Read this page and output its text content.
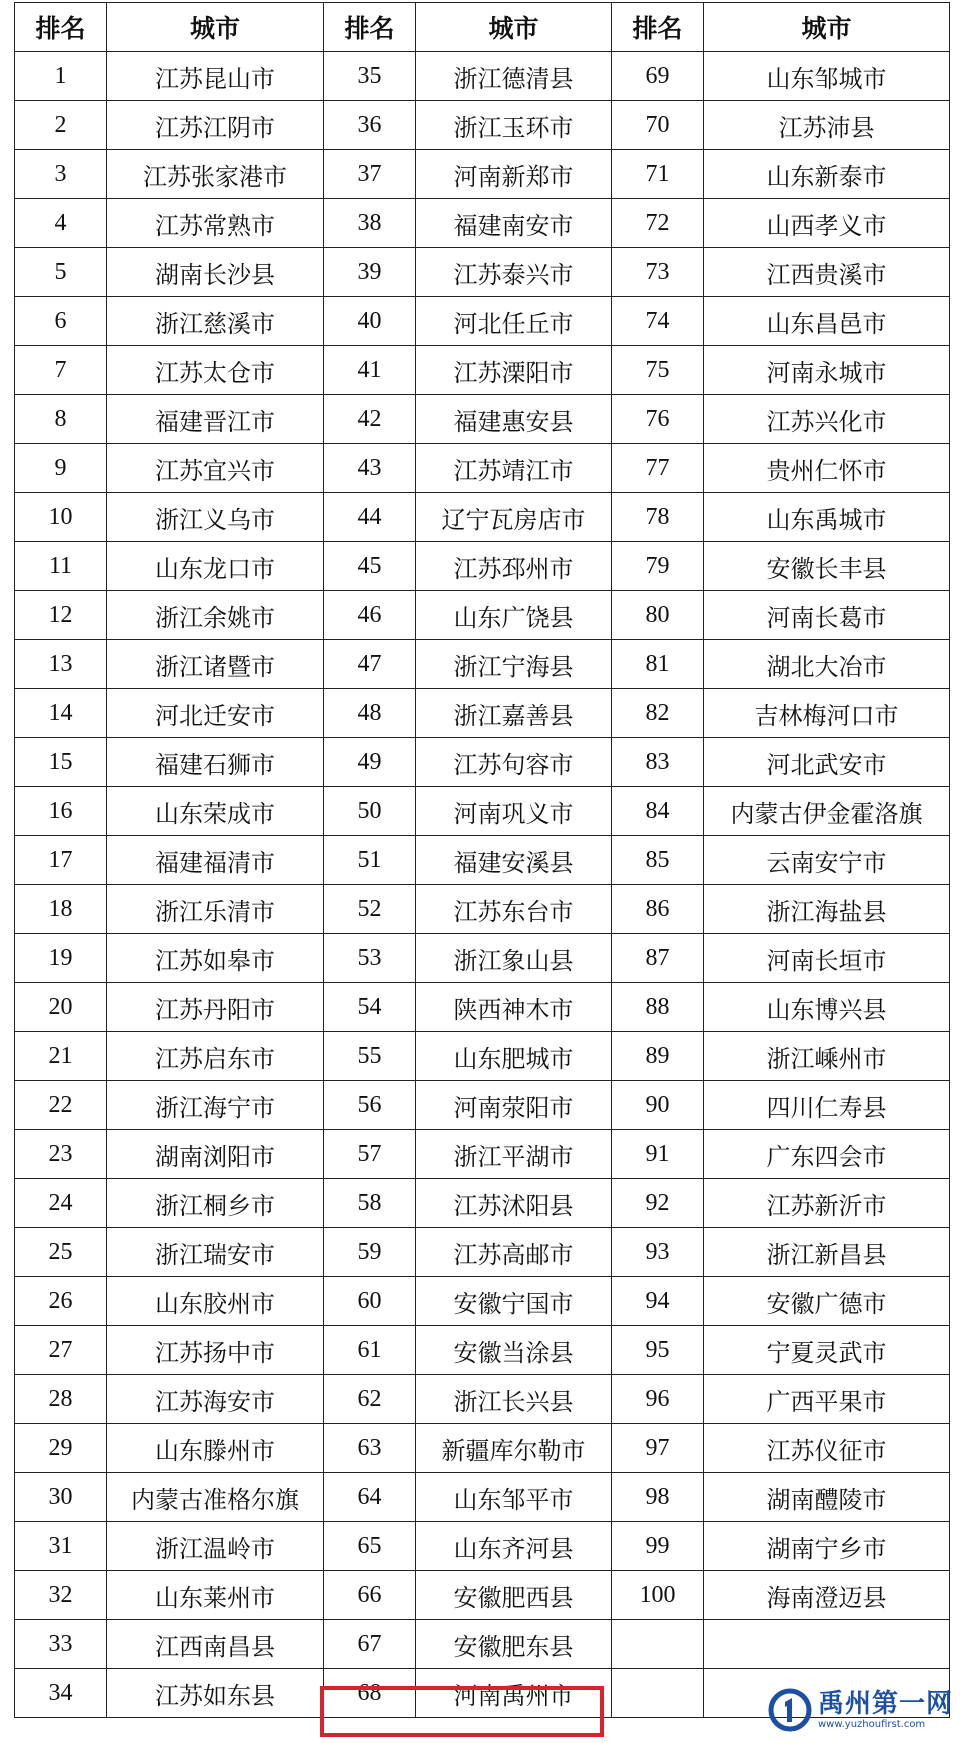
排名	城市	排名	城市	排名	城市
1	江苏昆山市	35	浙江德清县	69	山东邹城市
2	江苏江阴市	36	浙江玉环市	70	江苏沛县
3	江苏张家港市	37	河南新郑市	71	山东新泰市
4	江苏常熟市	38	福建南安市	72	山西孝义市
5	湖南长沙县	39	江苏泰兴市	73	江西贵溪市
6	浙江慈溪市	40	河北任丘市	74	山东昌邑市
7	江苏太仓市	41	江苏溧阳市	75	河南永城市
8	福建晋江市	42	福建惠安县	76	江苏兴化市
9	江苏宜兴市	43	江苏靖江市	77	贵州仁怀市
10	浙江义乌市	44	辽宁瓦房店市	78	山东禹城市
11	山东龙口市	45	江苏邳州市	79	安徽长丰县
12	浙江余姚市	46	山东广饶县	80	河南长葛市
13	浙江诸暨市	47	浙江宁海县	81	湖北大冶市
14	河北迁安市	48	浙江嘉善县	82	吉林梅河口市
15	福建石狮市	49	江苏句容市	83	河北武安市
16	山东荣成市	50	河南巩义市	84	内蒙古伊金霍洛旗
17	福建福清市	51	福建安溪县	85	云南安宁市
18	浙江乐清市	52	江苏东台市	86	浙江海盐县
19	江苏如皋市	53	浙江象山县	87	河南长垣市
20	江苏丹阳市	54	陕西神木市	88	山东博兴县
21	江苏启东市	55	山东肥城市	89	浙江嵊州市
22	浙江海宁市	56	河南荥阳市	90	四川仁寿县
23	湖南浏阳市	57	浙江平湖市	91	广东四会市
24	浙江桐乡市	58	江苏沭阳县	92	江苏新沂市
25	浙江瑞安市	59	江苏高邮市	93	浙江新昌县
26	山东胶州市	60	安徽宁国市	94	安徽广德市
27	江苏扬中市	61	安徽当涂县	95	宁夏灵武市
28	江苏海安市	62	浙江长兴县	96	广西平果市
29	山东滕州市	63	新疆库尔勒市	97	江苏仪征市
30	内蒙古准格尔旗	64	山东邹平市	98	湖南醴陵市
31	浙江温岭市	65	山东齐河县	99	湖南宁乡市
32	山东莱州市	66	安徽肥西县	100	海南澄迈县
33	江西南昌县	67	安徽肥东县		
34	江苏如东县	68	河南禹州市			禹州第一网
www.yuzhoufirst.com
